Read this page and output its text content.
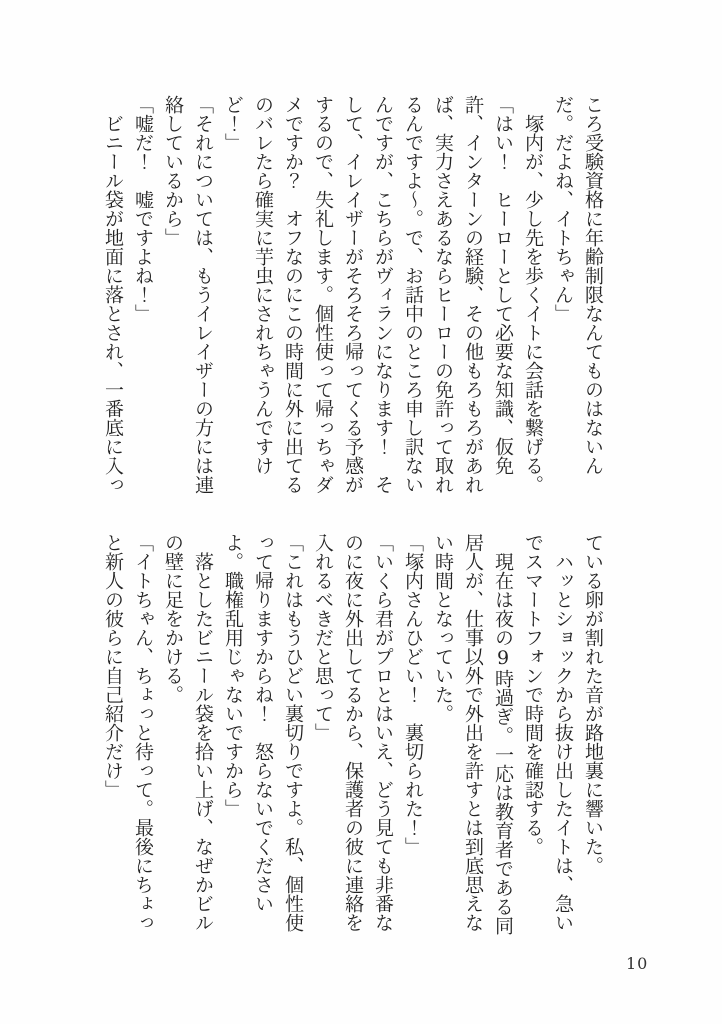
ころ受験資格に年齢制限なんてものはないん
だ。だよね、イトちゃん」
　塚内が、少し先を歩くイトに会話を繋げる。
「はい！　ヒーローとして必要な知識、仮免
許、インターンの経験、その他もろもろがあれ
ば、実力さえあるならヒーローの免許って取れ
るんですよ～。で、お話中のところ申し訳ない
んですが、こちらがヴィランになります！　そ
して、イレイザーがそろそろ帰ってくる予感が
するので、失礼します。個性使って帰っちゃダ
メですか？　オフなのにこの時間に外に出てる
のバレたら確実に芋虫にされちゃうんですけ
ど！」
「それについては、もうイレイザーの方には連
絡しているから」
「嘘だ！　嘘ですよね！」
　ビニール袋が地面に落とされ、一番底に入っ
ている卵が割れた音が路地裏に響いた。
　ハッとショックから抜け出したイトは、急い
でスマートフォンで時間を確認する。
　現在は夜の9時過ぎ。一応は教育者である同
居人が、仕事以外で外出を許すとは到底思えな
い時間となっていた。
「塚内さんひどい！　裏切られた！」
「いくら君がプロとはいえ、どう見ても非番な
のに夜に外出してるから、保護者の彼に連絡を
入れるべきだと思って」
「これはもうひどい裏切りですよ。私、個性使
って帰りますからね！　怒らないでください
よ。職権乱用じゃないですから」
　落としたビニール袋を拾い上げ、なぜかビル
の壁に足をかける。
「イトちゃん、ちょっと待って。最後にちょっ
と新人の彼らに自己紹介だけ」
10
